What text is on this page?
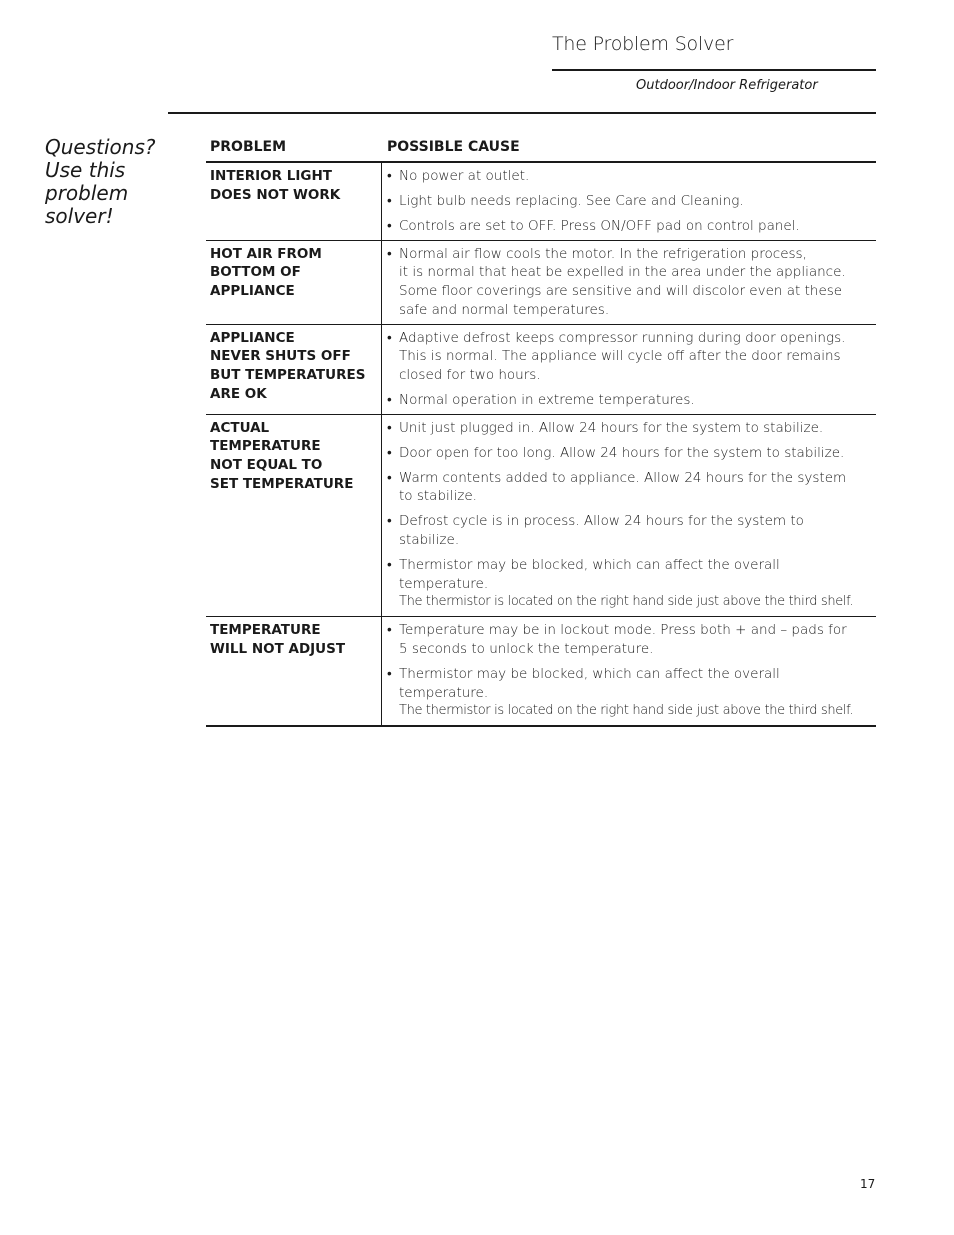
The Problem Solver
Outdoor/Indoor Refrigerator
Questions?
Use this
problem
solver!
PROBLEM	POSSIBLE CAUSE
INTERIOR LIGHT
DOES NOT WORK
• No power at outlet.
• Light bulb needs replacing. See Care and Cleaning.
• Controls are set to OFF. Press ON/OFF pad on control panel.
HOT AIR FROM
BOTTOM OF
APPLIANCE
• Normal air flow cools the motor. In the refrigeration process,
it is normal that heat be expelled in the area under the appliance.
Some floor coverings are sensitive and will discolor even at these
safe and normal temperatures.
APPLIANCE
NEVER SHUTS OFF
BUT TEMPERATURES
ARE OK
• Adaptive defrost keeps compressor running during door openings.
This is normal. The appliance will cycle off after the door remains
closed for two hours.
• Normal operation in extreme temperatures.
ACTUAL
TEMPERATURE
NOT EQUAL TO
SET TEMPERATURE
• Unit just plugged in. Allow 24 hours for the system to stabilize.
• Door open for too long. Allow 24 hours for the system to stabilize.
• Warm contents added to appliance. Allow 24 hours for the system
to stabilize.
• Defrost cycle is in process. Allow 24 hours for the system to stabilize.
• Thermistor may be blocked, which can affect the overall temperature.
The thermistor is located on the right hand side just above the third shelf.
TEMPERATURE
WILL NOT ADJUST
• Temperature may be in lockout mode. Press both + and – pads for
5 seconds to unlock the temperature.
• Thermistor may be blocked, which can affect the overall temperature.
The thermistor is located on the right hand side just above the third shelf.
17
